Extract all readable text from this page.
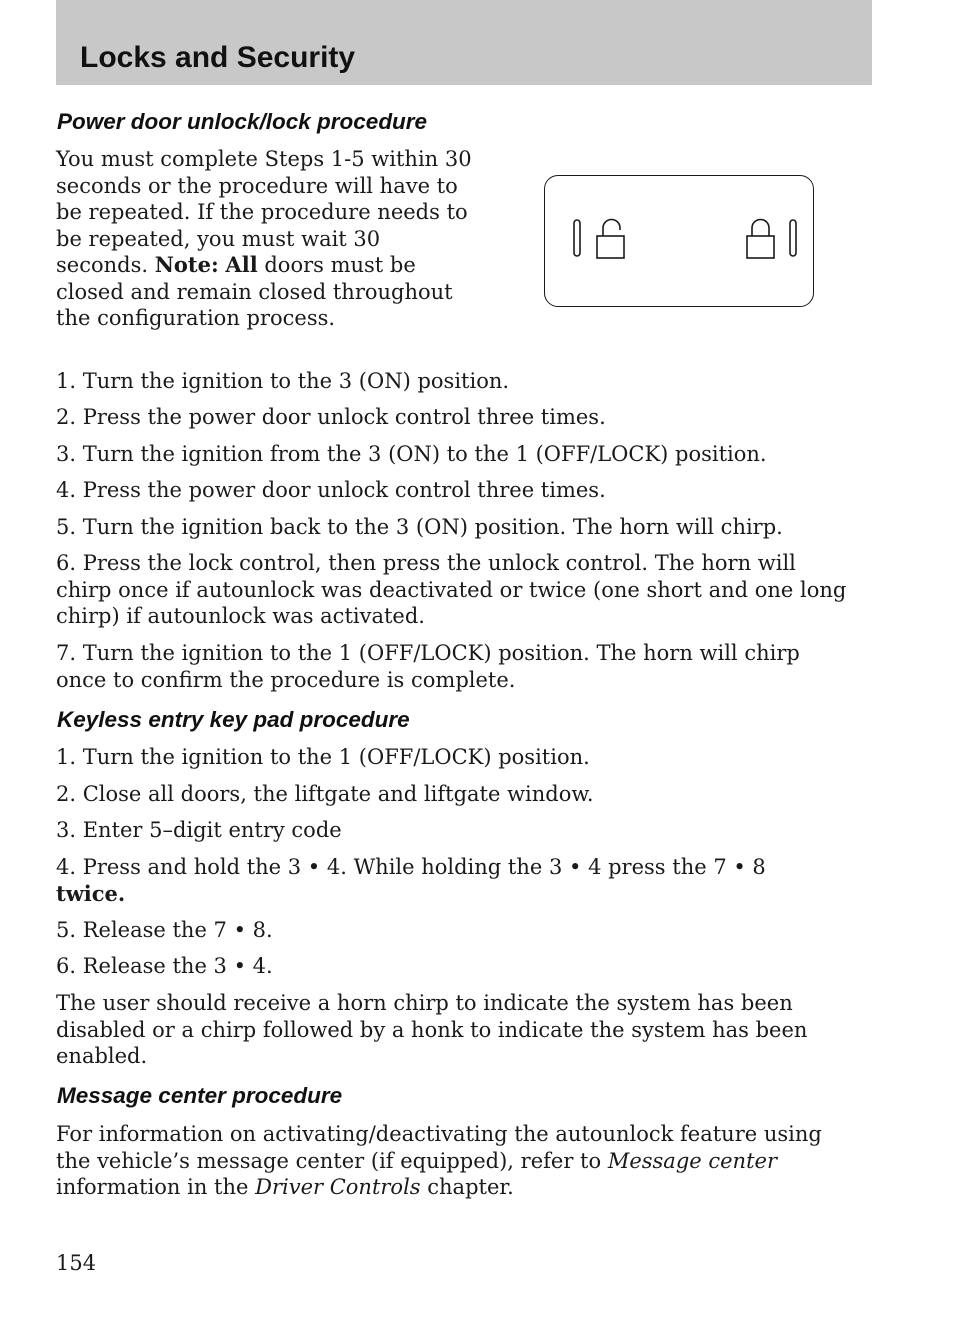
Locks and Security
Power door unlock/lock procedure

You must complete Steps 1-5 within 30 seconds or the procedure will have to be repeated. If the procedure needs to be repeated, you must wait 30 seconds. Note: All doors must be closed and remain closed throughout the configuration process.

1. Turn the ignition to the 3 (ON) position.

2. Press the power door unlock control three times.

3. Turn the ignition from the 3 (ON) to the 1 (OFF/LOCK) position.

4. Press the power door unlock control three times.

5. Turn the ignition back to the 3 (ON) position. The horn will chirp.

6. Press the lock control, then press the unlock control. The horn will chirp once if autounlock was deactivated or twice (one short and one long chirp) if autounlock was activated.

7. Turn the ignition to the 1 (OFF/LOCK) position. The horn will chirp once to confirm the procedure is complete.

Keyless entry key pad procedure

1. Turn the ignition to the 1 (OFF/LOCK) position.

2. Close all doors, the liftgate and liftgate window.

3. Enter 5–digit entry code

4. Press and hold the 3 • 4. While holding the 3 • 4 press the 7 • 8
twice.

5. Release the 7 • 8.

6. Release the 3 • 4.

The user should receive a horn chirp to indicate the system has been disabled or a chirp followed by a honk to indicate the system has been enabled.

Message center procedure

For information on activating/deactivating the autounlock feature using the vehicle’s message center (if equipped), refer to Message center information in the Driver Controls chapter.

154
